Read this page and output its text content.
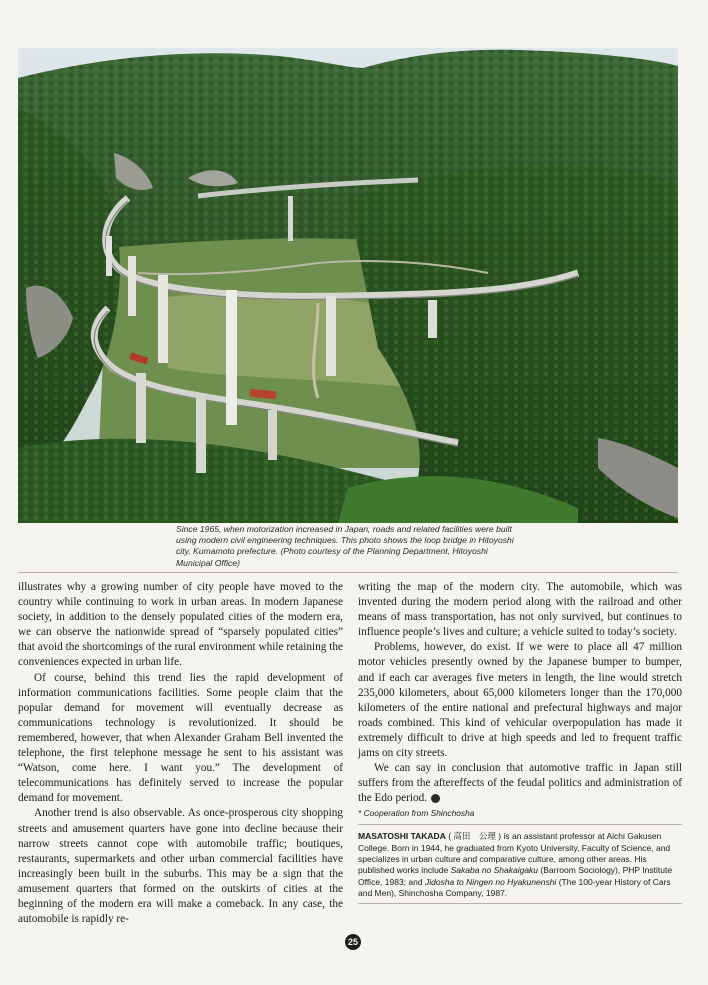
Since 1965, when motorization increased in Japan, roads and related facilities were built
using modern civil engineering techniques. This photo shows the loop bridge in Hitoyoshi
city, Kumamoto prefecture. (Photo courtesy of the Planning Department, Hitoyoshi
Municipal Office)

illustrates why a growing number of city people have moved to the country while continuing to work in urban areas. In modern Japanese society, in addition to the densely populated cities of the modern era, we can observe the nationwide spread of “sparsely populated cities” that avoid the shortcomings of the rural environment while retaining the conveniences expected in urban life.

Of course, behind this trend lies the rapid development of information communications facilities. Some people claim that the popular demand for movement will eventually decrease as communications technology is revolutionized. It should be remembered, however, that when Alexander Graham Bell invented the telephone, the first telephone message he sent to his assistant was “Watson, come here. I want you.” The development of telecommunications has definitely served to increase the popular demand for movement.

Another trend is also observable. As once-prosperous city shopping streets and amusement quarters have gone into decline because their narrow streets cannot cope with automobile traffic; boutiques, restaurants, supermarkets and other urban commercial facilities have increasingly been built in the suburbs. This may be a sign that the amusement quarters that formed on the outskirts of cities at the beginning of the modern era will make a comeback. In any case, the automobile is rapidly re-

writing the map of the modern city. The automobile, which was invented during the modern period along with the railroad and other means of mass transportation, has not only survived, but continues to influence people’s lives and culture; a vehicle suited to today’s society.

Problems, however, do exist. If we were to place all 47 million motor vehicles presently owned by the Japanese bumper to bumper, and if each car averages five meters in length, the line would stretch 235,000 kilometers, about 65,000 kilometers longer than the 170,000 kilometers of the entire national and prefectural highways and major roads combined. This kind of vehicular overpopulation has made it extremely difficult to drive at high speeds and led to frequent traffic jams on city streets.

We can say in conclusion that automotive traffic in Japan still suffers from the aftereffects of the feudal politics and administration of the Edo period.	✦

* Cooperation from Shinchosha
MASATOSHI TAKADA ( 高田　公理 ) is an assistant professor at Aichi Gakusen College. Born in 1944, he graduated from Kyoto University, Faculty of Science, and specializes in urban culture and comparative culture, among other areas. His published works include Sakaba no Shakaigaku (Barroom Sociology), PHP Institute Office, 1983; and Jidosha to Ningen no Hyakunenshi (The 100-year History of Cars and Men), Shinchosha Company, 1987.
25
